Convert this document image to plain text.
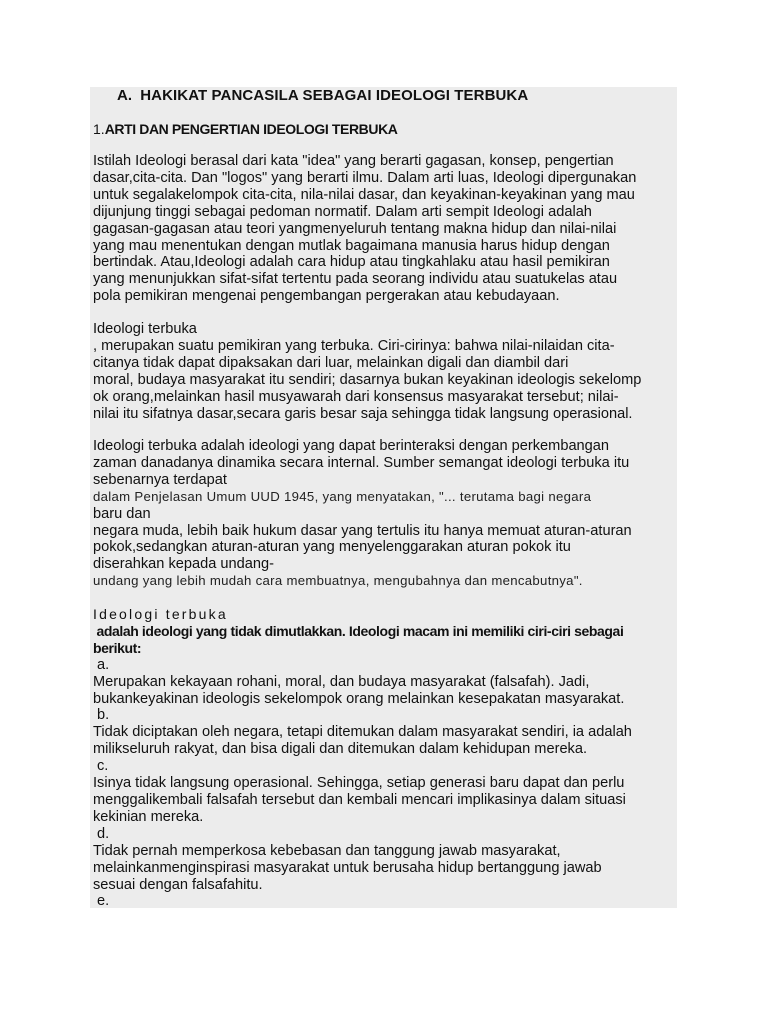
A. HAKIKAT PANCASILA SEBAGAI IDEOLOGI TERBUKA
1.ARTI DAN PENGERTIAN IDEOLOGI TERBUKA
Istilah Ideologi berasal dari kata "idea" yang berarti gagasan, konsep, pengertian
dasar,cita-cita. Dan "logos" yang berarti ilmu. Dalam arti luas, Ideologi dipergunakan
untuk segalakelompok cita-cita, nila-nilai dasar, dan keyakinan-keyakinan yang mau
dijunjung tinggi sebagai pedoman normatif. Dalam arti sempit Ideologi adalah
gagasan-gagasan atau teori yangmenyeluruh tentang makna hidup dan nilai-nilai
yang mau menentukan dengan mutlak bagaimana manusia harus hidup dengan
bertindak. Atau,Ideologi adalah cara hidup atau tingkahlaku atau hasil pemikiran
yang menunjukkan sifat-sifat tertentu pada seorang individu atau suatukelas atau
pola pemikiran mengenai pengembangan pergerakan atau kebudayaan.
Ideologi terbuka
, merupakan suatu pemikiran yang terbuka. Ciri-cirinya: bahwa nilai-nilaidan cita-
citanya tidak dapat dipaksakan dari luar, melainkan digali dan diambil dari
moral, budaya masyarakat itu sendiri; dasarnya bukan keyakinan ideologis sekelomp
ok orang,melainkan hasil musyawarah dari konsensus masyarakat tersebut; nilai-
nilai itu sifatnya dasar,secara garis besar saja sehingga tidak langsung operasional.
Ideologi terbuka adalah ideologi yang dapat berinteraksi dengan perkembangan
zaman danadanya dinamika secara internal. Sumber semangat ideologi terbuka itu
sebenarnya terdapat
dalam Penjelasan Umum UUD 1945, yang menyatakan, "... terutama bagi negara
baru dan
negara muda, lebih baik hukum dasar yang tertulis itu hanya memuat aturan-aturan
pokok,sedangkan aturan-aturan yang menyelenggarakan aturan pokok itu
diserahkan kepada undang-
undang yang lebih mudah cara membuatnya, mengubahnya dan mencabutnya".
Ideologi terbuka
adalah ideologi yang tidak dimutlakkan. Ideologi macam ini memiliki ciri-ciri sebagai
berikut:
a.
Merupakan kekayaan rohani, moral, dan budaya masyarakat (falsafah). Jadi,
bukankeyakinan ideologis sekelompok orang melainkan kesepakatan masyarakat.
b.
Tidak diciptakan oleh negara, tetapi ditemukan dalam masyarakat sendiri, ia adalah
milikseluruh rakyat, dan bisa digali dan ditemukan dalam kehidupan mereka.
c.
Isinya tidak langsung operasional. Sehingga, setiap generasi baru dapat dan perlu
menggalikembali falsafah tersebut dan kembali mencari implikasinya dalam situasi
kekinian mereka.
d.
Tidak pernah memperkosa kebebasan dan tanggung jawab masyarakat,
melainkanmenginspirasi masyarakat untuk berusaha hidup bertanggung jawab
sesuai dengan falsafahitu.
e.
